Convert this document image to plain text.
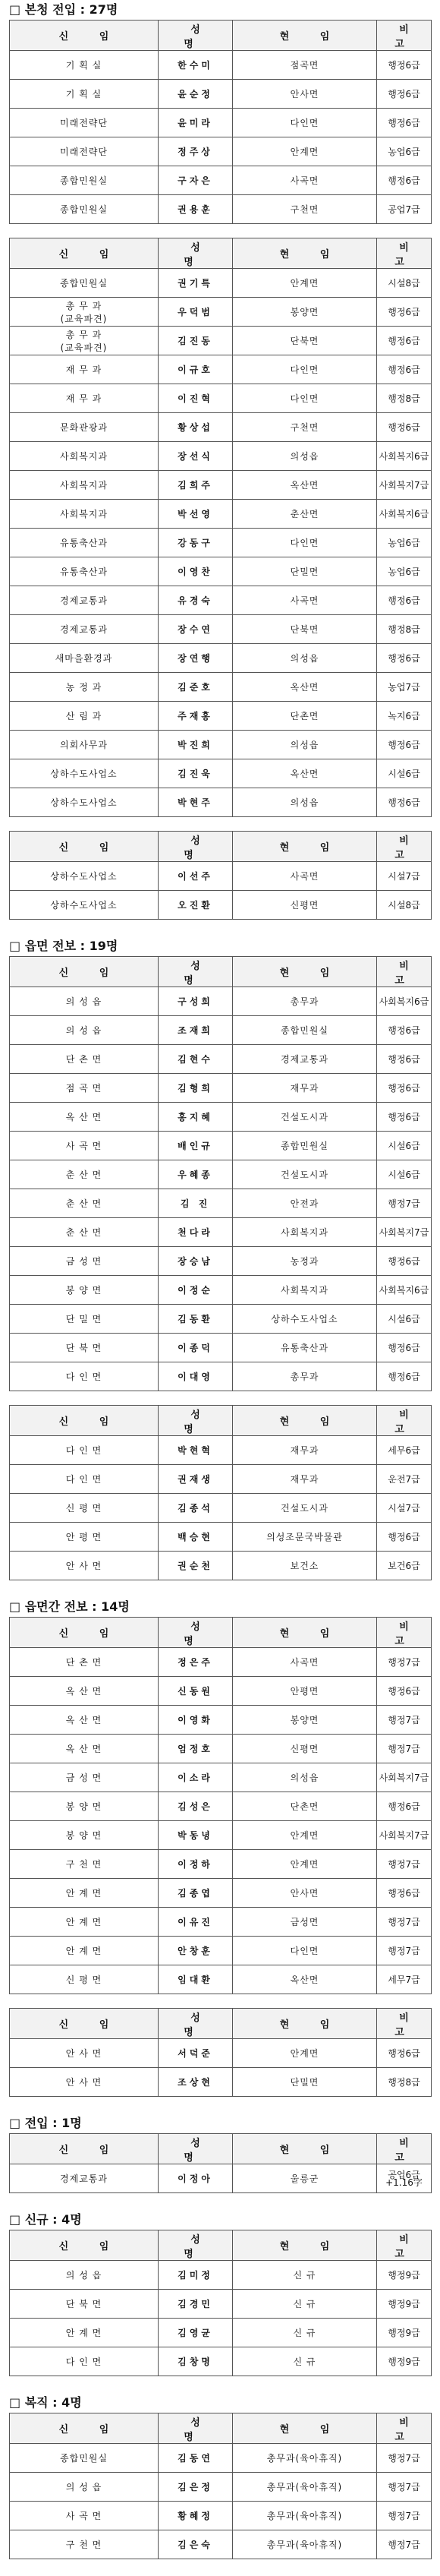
□ 본청 전입 : 27명
신 임	성 명	현 임	비 고
기 획 실	한수미	점곡면	행정6급
기 획 실	윤순정	안사면	행정6급
미래전략단	윤미라	다인면	행정6급
미래전략단	정주상	안계면	농업6급
종합민원실	구자은	사곡면	행정6급
종합민원실	권용훈	구천면	공업7급
신 임	성 명	현 임	비 고
종합민원실	권기특	안계면	시설8급
총 무 과
(교육파견)	우덕범	봉양면	행정6급
총 무 과
(교육파견)	김진동	단북면	행정6급
재 무 과	이규호	다인면	행정6급
재 무 과	이진혁	다인면	행정8급
문화관광과	황상섭	구천면	행정6급
사회복지과	장선식	의성읍	사회복지6급
사회복지과	김희주	옥산면	사회복지7급
사회복지과	박선영	춘산면	사회복지6급
유통축산과	강동구	다인면	농업6급
유통축산과	이영찬	단밀면	농업6급
경제교통과	유경숙	사곡면	행정6급
경제교통과	장수연	단북면	행정8급
새마을환경과	장연행	의성읍	행정6급
농 정 과	김준호	옥산면	농업7급
산 림 과	주재홍	단촌면	녹지6급
의회사무과	박진희	의성읍	행정6급
상하수도사업소	김진욱	옥산면	시설6급
상하수도사업소	박현주	의성읍	행정6급
신 임	성 명	현 임	비 고
상하수도사업소	이선주	사곡면	시설7급
상하수도사업소	오진환	신평면	시설8급
□ 읍면 전보 : 19명
신 임	성 명	현 임	비 고
의 성 읍	구성희	총무과	사회복지6급
의 성 읍	조재희	종합민원실	행정6급
단 촌 면	김현수	경제교통과	행정6급
점 곡 면	김형희	재무과	행정6급
옥 산 면	홍지혜	건설도시과	행정6급
사 곡 면	배인규	종합민원실	시설6급
춘 산 면	우혜종	건설도시과	시설6급
춘 산 면	김 진	안전과	행정7급
춘 산 면	천다라	사회복지과	사회복지7급
금 성 면	장승남	농정과	행정6급
봉 양 면	이정순	사회복지과	사회복지6급
단 밀 면	김동환	상하수도사업소	시설6급
단 북 면	이종덕	유통축산과	행정6급
다 인 면	이대영	총무과	행정6급
신 임	성 명	현 임	비 고
다 인 면	박현혁	재무과	세무6급
다 인 면	권재생	재무과	운전7급
신 평 면	김종석	건설도시과	시설7급
안 평 면	백승현	의성조문국박물관	행정6급
안 사 면	권순천	보건소	보건6급
□ 읍면간 전보 : 14명
신 임	성 명	현 임	비 고
단 촌 면	정은주	사곡면	행정7급
옥 산 면	신동원	안평면	행정6급
옥 산 면	이영화	봉양면	행정7급
옥 산 면	엄정호	신평면	행정7급
금 성 면	이소라	의성읍	사회복지7급
봉 양 면	김성은	단촌면	행정6급
봉 양 면	박동녕	안계면	사회복지7급
구 천 면	이정하	안계면	행정7급
안 계 면	김종엽	안사면	행정6급
안 계 면	이유진	금성면	행정7급
안 계 면	안창훈	다인면	행정7급
신 평 면	임대환	옥산면	세무7급
신 임	성 명	현 임	비 고
안 사 면	서덕준	안계면	행정6급
안 사 면	조상현	단밀면	행정8급
□ 전입 : 1명
신 임	성 명	현 임	비 고
경제교통과	이정아	울릉군	공업6급
+1.16字
□ 신규 : 4명
신 임	성 명	현 임	비 고
의 성 읍	김미정	신 규	행정9급
단 북 면	김경민	신 규	행정9급
안 계 면	김영균	신 규	행정9급
다 인 면	김창명	신 규	행정9급
□ 복직 : 4명
신 임	성 명	현 임	비 고
종합민원실	김동연	총무과(육아휴직)	행정7급
의 성 읍	김은정	총무과(육아휴직)	행정7급
사 곡 면	황혜정	총무과(육아휴직)	행정7급
구 천 면	김은숙	총무과(육아휴직)	행정7급
